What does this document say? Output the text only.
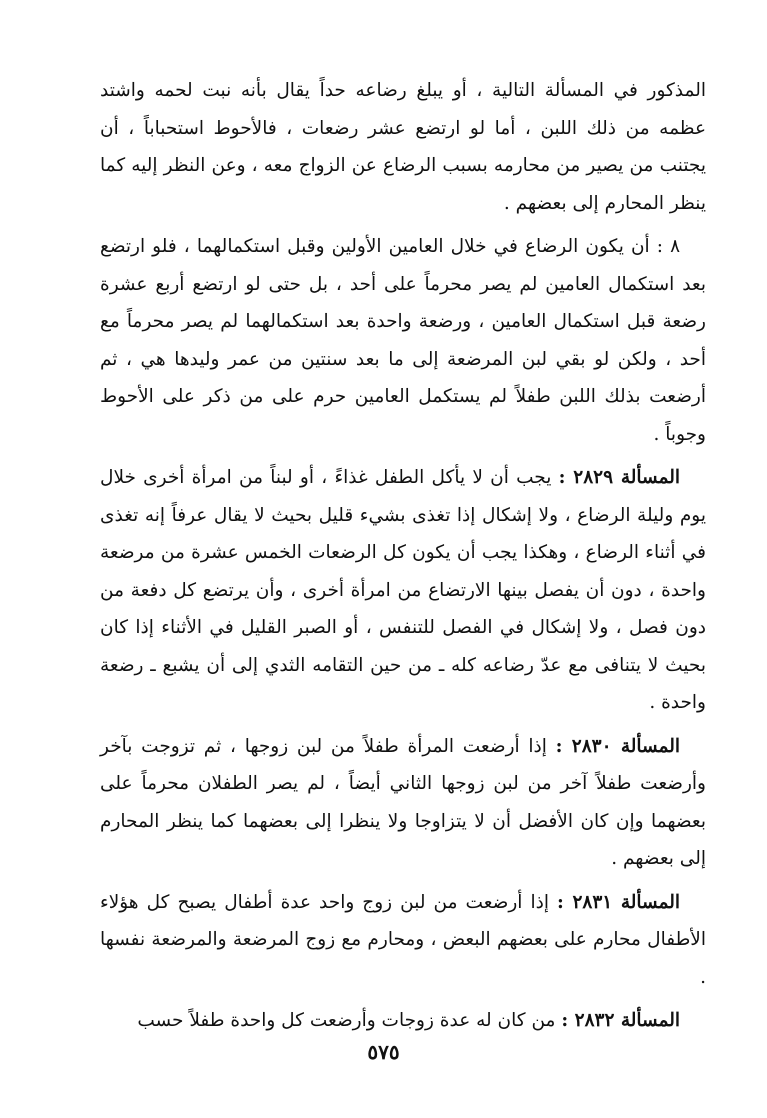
المذكور في المسألة التالية ، أو يبلغ رضاعه حداً يقال بأنه نبت لحمه واشتد عظمه من ذلك اللبن ، أما لو ارتضع عشر رضعات ، فالأحوط استحباباً ، أن يجتنب من يصير من محارمه بسبب الرضاع عن الزواج معه ، وعن النظر إليه كما ينظر المحارم إلى بعضهم .

٨ : أن يكون الرضاع في خلال العامين الأولين وقبل استكمالهما ، فلو ارتضع بعد استكمال العامين لم يصر محرماً على أحد ، بل حتى لو ارتضع أربع عشرة رضعة قبل استكمال العامين ، ورضعة واحدة بعد استكمالهما لم يصر محرماً مع أحد ، ولكن لو بقي لبن المرضعة إلى ما بعد سنتين من عمر وليدها هي ، ثم أرضعت بذلك اللبن طفلاً لم يستكمل العامين حرم على من ذكر على الأحوط وجوباً .

المسألة ٢٨٢٩ : يجب أن لا يأكل الطفل غذاءً ، أو لبناً من امرأة أخرى خلال يوم وليلة الرضاع ، ولا إشكال إذا تغذى بشيء قليل بحيث لا يقال عرفاً إنه تغذى في أثناء الرضاع ، وهكذا يجب أن يكون كل الرضعات الخمس عشرة من مرضعة واحدة ، دون أن يفصل بينها الارتضاع من امرأة أخرى ، وأن يرتضع كل دفعة من دون فصل ، ولا إشكال في الفصل للتنفس ، أو الصبر القليل في الأثناء إذا كان بحيث لا يتنافى مع عدّ رضاعه كله ـ من حين التقامه الثدي إلى أن يشبع ـ رضعة واحدة .

المسألة ٢٨٣٠ : إذا أرضعت المرأة طفلاً من لبن زوجها ، ثم تزوجت بآخر وأرضعت طفلاً آخر من لبن زوجها الثاني أيضاً ، لم يصر الطفلان محرماً على بعضهما وإن كان الأفضل أن لا يتزاوجا ولا ينظرا إلى بعضهما كما ينظر المحارم إلى بعضهم .

المسألة ٢٨٣١ : إذا أرضعت من لبن زوج واحد عدة أطفال يصبح كل هؤلاء الأطفال محارم على بعضهم البعض ، ومحارم مع زوج المرضعة والمرضعة نفسها .

المسألة ٢٨٣٢ : من كان له عدة زوجات وأرضعت كل واحدة طفلاً حسب

٥٧٥
